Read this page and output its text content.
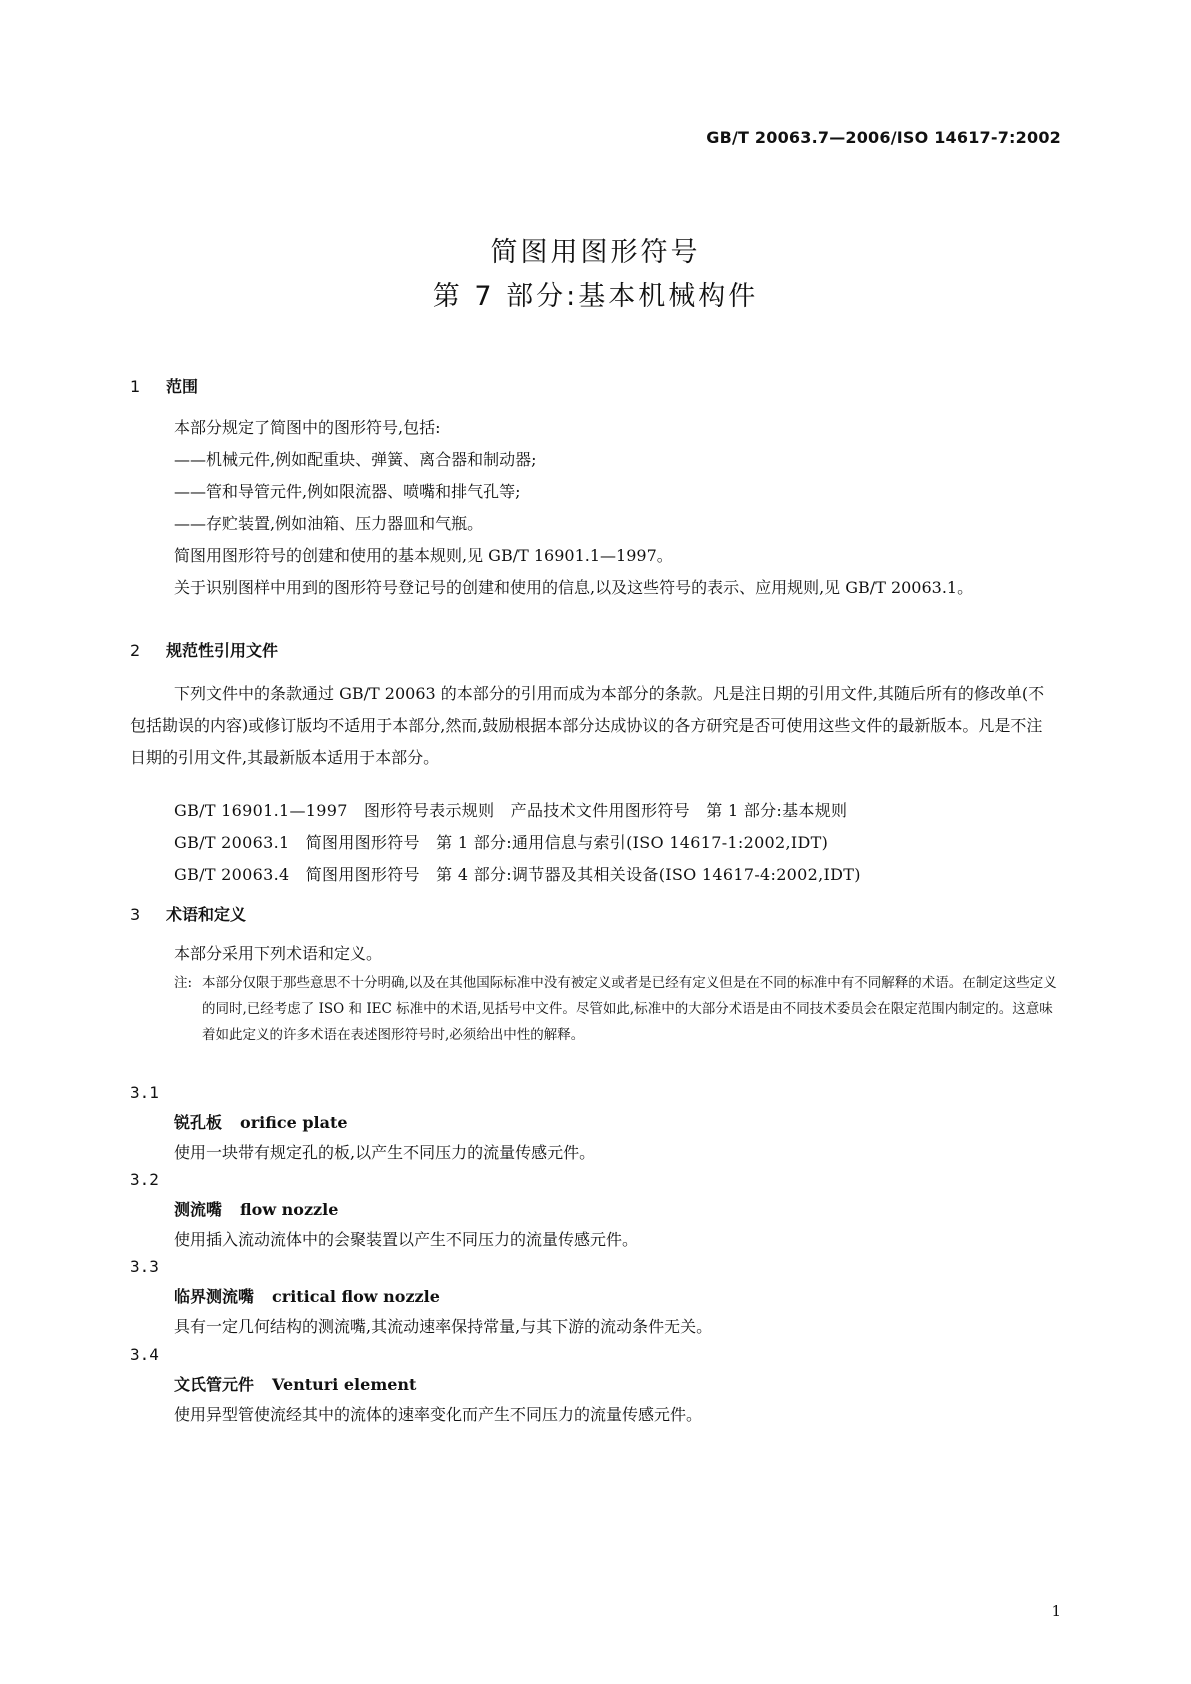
GB/T 20063.7—2006/ISO 14617-7:2002
简图用图形符号
第 7 部分:基本机械构件
1 范围
本部分规定了简图中的图形符号,包括:
——机械元件,例如配重块、弹簧、离合器和制动器;
——管和导管元件,例如限流器、喷嘴和排气孔等;
——存贮装置,例如油箱、压力器皿和气瓶。
简图用图形符号的创建和使用的基本规则,见 GB/T 16901.1—1997。
关于识别图样中用到的图形符号登记号的创建和使用的信息,以及这些符号的表示、应用规则,见 GB/T 20063.1。
2 规范性引用文件
下列文件中的条款通过 GB/T 20063 的本部分的引用而成为本部分的条款。凡是注日期的引用文件,其随后所有的修改单(不包括勘误的内容)或修订版均不适用于本部分,然而,鼓励根据本部分达成协议的各方研究是否可使用这些文件的最新版本。凡是不注日期的引用文件,其最新版本适用于本部分。
GB/T 16901.1—1997　图形符号表示规则　产品技术文件用图形符号　第 1 部分:基本规则
GB/T 20063.1　简图用图形符号　第 1 部分:通用信息与索引(ISO 14617-1:2002,IDT)
GB/T 20063.4　简图用图形符号　第 4 部分:调节器及其相关设备(ISO 14617-4:2002,IDT)
3 术语和定义
本部分采用下列术语和定义。
注: 本部分仅限于那些意思不十分明确,以及在其他国际标准中没有被定义或者是已经有定义但是在不同的标准中有不同解释的术语。在制定这些定义的同时,已经考虑了 ISO 和 IEC 标准中的术语,见括号中文件。尽管如此,标准中的大部分术语是由不同技术委员会在限定范围内制定的。这意味着如此定义的许多术语在表述图形符号时,必须给出中性的解释。
3.1
锐孔板 orifice plate
使用一块带有规定孔的板,以产生不同压力的流量传感元件。
3.2
测流嘴 flow nozzle
使用插入流动流体中的会聚装置以产生不同压力的流量传感元件。
3.3
临界测流嘴 critical flow nozzle
具有一定几何结构的测流嘴,其流动速率保持常量,与其下游的流动条件无关。
3.4
文氏管元件 Venturi element
使用异型管使流经其中的流体的速率变化而产生不同压力的流量传感元件。
1
